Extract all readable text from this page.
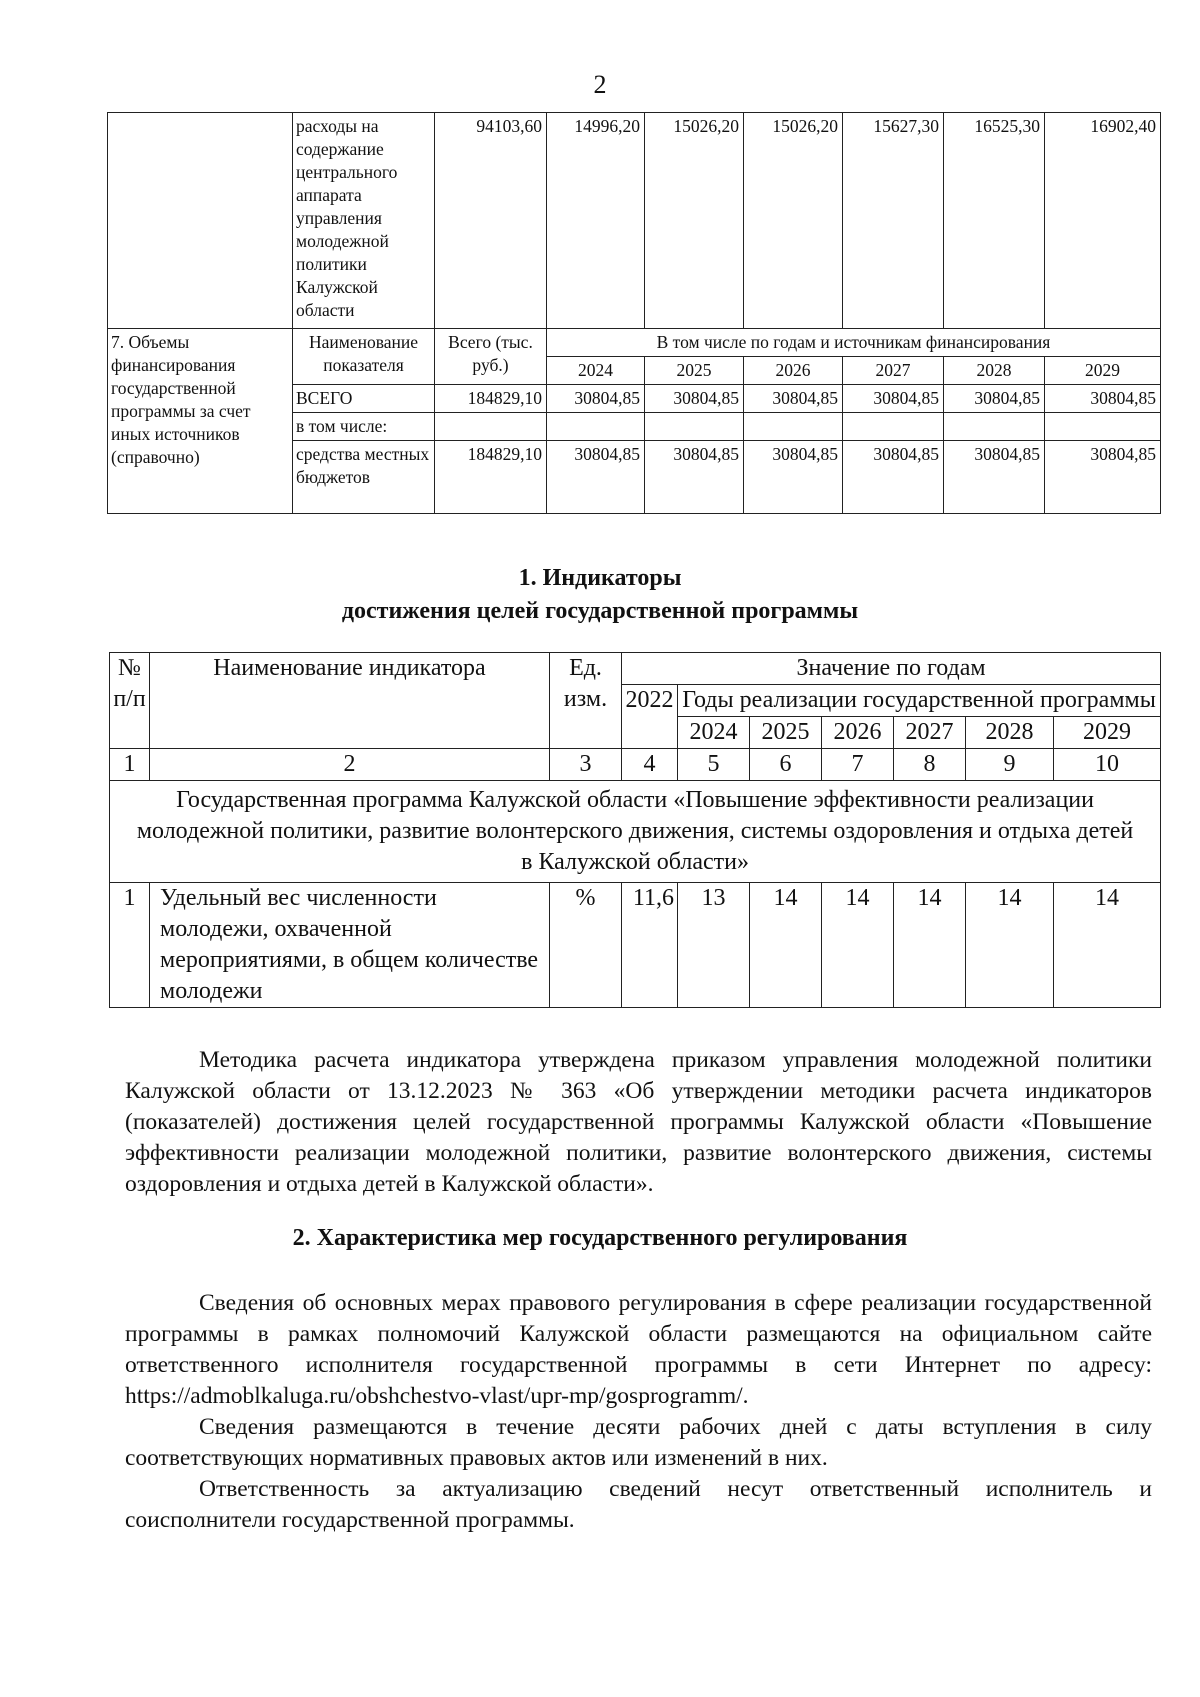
2
	расходы на содержание центрального аппарата управления молодежной политики Калужской области	94103,60	14996,20	15026,20	15026,20	15627,30	16525,30	16902,40
7. Объемы финансирования государственной программы за счет иных источников (справочно)	Наименование показателя	Всего (тыс. руб.)	В том числе по годам и источникам финансирования					
			2024	2025	2026	2027	2028	2029
	ВСЕГО	184829,10	30804,85	30804,85	30804,85	30804,85	30804,85	30804,85
	в том числе:							
	средства местных бюджетов	184829,10	30804,85	30804,85	30804,85	30804,85	30804,85	30804,85
1. Индикаторы
достижения целей государственной программы
№ п/п	Наименование индикатора	Ед. изм.	Значение по годам						
			2022	Годы реализации государственной программы					
				2024	2025	2026	2027	2028	2029
1	2	3	4	5	6	7	8	9	10
Государственная программа Калужской области «Повышение эффективности реализации молодежной политики, развитие волонтерского движения, системы оздоровления и отдыха детей в Калужской области»									
1	Удельный вес численности молодежи, охваченной мероприятиями, в общем количестве молодежи	%	11,6	13	14	14	14	14	14
Методика расчета индикатора утверждена приказом управления молодежной политики Калужской области от 13.12.2023 № 363 «Об утверждении методики расчета индикаторов (показателей) достижения целей государственной программы Калужской области «Повышение эффективности реализации молодежной политики, развитие волонтерского движения, системы оздоровления и отдыха детей в Калужской области».
2. Характеристика мер государственного регулирования
Сведения об основных мерах правового регулирования в сфере реализации государственной программы в рамках полномочий Калужской области размещаются на официальном сайте ответственного исполнителя государственной программы в сети Интернет по адресу: https://admoblkaluga.ru/obshchestvo-vlast/upr-mp/gosprogramm/.
Сведения размещаются в течение десяти рабочих дней с даты вступления в силу соответствующих нормативных правовых актов или изменений в них.
Ответственность за актуализацию сведений несут ответственный исполнитель и соисполнители государственной программы.
